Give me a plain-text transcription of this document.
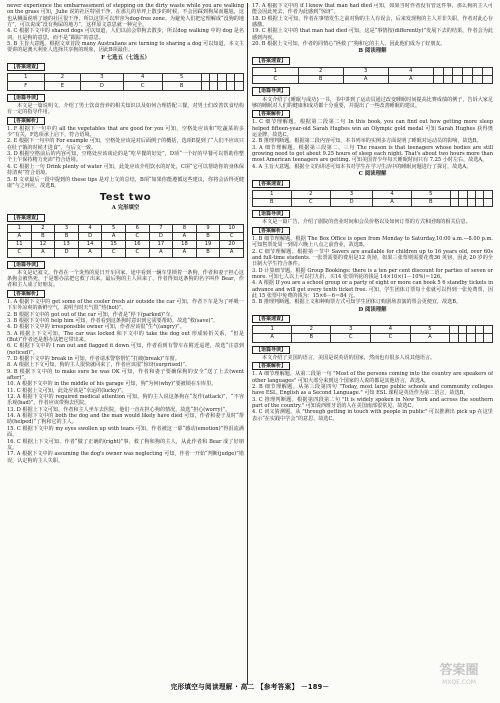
never experience the embarrassment of stepping on the dirty waste while you are walking on the grass 可知，Julie 说的社区特别干净，在那儿的草坪上散步的时候，不会因踩到狗屎而尴尬，这也从侧面说明了她的社区很干净，所以这里可以形容为dog-free zone。为避免人们把它理解成“没狗的地方”，可以说成“没有狗屎的地方”，这样原文意思就一种完全。

4. C 根据下文中的 shared dogs 可以知道，人们以前会带狗去散步，所以dog walking 中的 dog 是名词，且是狗的意思，而不是“跟踪”的意思。

5. B 主旨大意题。根据文章首段 many Australians are turning to sharing a dog 可以知道，本文主要讲的是澳大利亚人选择共享狗的现象，因此B项最佳。

F 七选五（七选五）
【答案速查】
1	2	3	4	5					
F	E	D	C	B					
【语篇导读】

本文是一篇说明文，介绍了男士饮食营养的相关知识以及如何合理搭配三餐，对男士们改善饮食结构有一定的指导作用。

【答案解析】

1. F 根据下一句中的 all the vegetables that are good for you 可知，空格处应该和“吃蔬菜的多少”有关，F选项承上启下，符合语境。

2. E 根据下一句中的 For example 可知，空格处应该是对后面例子的概括，选项E提到了“人们不应该只在肚子饿的时候才进食”，与后文一致。

3. D 根据空格前后的内容可知，空格处应该谈论的是“吃早餐的好处”，D项“一个好的早餐可以帮助你整个上午保持精力充沛”符合语境。

4. C 根据上一句 Drink plenty of water 可知，此处应该介绍饮水的好处，C项“它可以帮助你的身体保持清爽”符合语境。

5. B 文章最后一段中提到的 these tips 是对上文的总结，B项“如果你能遵循这些建议，你将会活得更健康”与之呼应，故选B。

Test two
A 完形填空
【答案速查】
1	2	3	4	5	6	7	8	9	10
A	B	B	D	A	C	D	A	B	C
11	12	13	14	15	16	17	18	19	20
C	A	D	A	C	C	A	A	B	A
【语篇导读】

本文是记叙文。作者在一个炎热的夏日开车回家，途中看到一辆车里锁着一条狗，作者和妻子担心这条狗会被热死，于是想办法把它救了出来。最后狗的主人回来了，作者得知这条狗的名字叫作 Bear，作者和主人成了好朋友。

【答案解析】

1. A 根据下文中的 get some of the cooler fresh air outside the car 可知，作者下车是为了呼吸一下车外凉爽的新鲜空气，说明当时天气很“热(hot)”。

2. B 根据下文中的 got out of the car 可知，作者是“停下(parked)”车。

3. B 根据下文中的 help him 可知，作者看到这条狗时意识到它需要帮助，故选“救(save)”。

4. D 根据下文中的 irresponsible owner 可知，作者应该很“生气(angry)”。

5. A 根据上下文可知，The car was locked 和下文中的 take the dog out 形成转折关系，“但是(But)”作者还是想办法把它带出来。

6. C 根据下文中的 I ran out and flagged it down 可知，作者看到有警车在附近巡逻，故选“注意到(noticed)”。

7. D 根据下文中的 break in 可知，作者请求警察帮忙“打破(break)”车窗。

8. A 根据上下文可知，狗的主人很快就回来了，作者应该很“惊讶(surprised)”。

9. B 根据下文中的 to make sure he was OK 可知，作者和妻子要确保狗的安全“送了上去(went after)”。

10. A 根据下文中的 in the middle of his garage 可知，狗“为何(why)”要被锁在车库里。

11. C 根据上文可知，此处应该是“幸运的(lucky)”。

12. A 根据下文中的 required medical attention 可知，狗的主人说这条狗在“发作(attack)”，“不容乐观(bad)”，作者应该带狗去医院。

13. D 根据上下文可知，作者和主人坐车去医院，他们一直在担心狗的情况，故选“担心(worry)”。

14. A 根据下文中的 both the dog and the man would likely have died 可知，作者和妻子及时“帮助(helped)”了狗和它的主人。

15. C 根据下文中的 my eyes swollen up with tears 可知，作者被这一幕“感动(emotion)”得泪流满面。

16. C 根据上下文可知，作者“做了正确的(right)”事，救了狗和狗的主人，从此作者和 Bear 成了好朋友。

17. A 根据下文中的 assuming the dog's owner was neglecting 可知，作者一开始“判断(judge)”错误，认定狗的主人失职。

17. A 根据下文中的 if I knew that man had died 可知，如果当时作者没有管这件事，那么狗的主人可能会因此死去，作者为此感到“惊讶”。

18. D 根据上文可知，作者在事情发生之前对狗的主人有误会，后来发现狗的主人并非失职，作者对此心存感激。

19. C 根据上文中的 that man had died 可知，这是“事情按(differently)”发展下去的结果，作者会为此感到内疚。

20. B 根据上文可知，作者的同情心“拯救了”狗和它的主人，因此他们成为了好朋友。

B 阅读理解
【答案速查】
1	2	3	4						
C	B	A	A						
【语篇导读】

本文介绍了{睡眠与成功}一书，书中讲到了运动员通过改变睡眠时间提高比赛成绩的例子，告诉大家足够的睡眠对人们的健康和成功都十分重要，并提出了一些改善睡眠的建议。

【答案解析】

1. C 细节理解题。根据第二段第二句 In this book, you can find out how getting more sleep helped fifteen-year-old Sarah Hughes win an Olympic gold medal 可知 Sarah Hughes 获得奥运金牌，故选C。

2. B 推理判断题。根据第二段内容可知，本书列举的实例多方面说明了睡眠对运动员的影响，故选B。

3. A 细节理解题。根据第三段第二、三句 The reason is that teenagers whose bodies are still growing need to get about 9.25 hours of sleep each night. That's about two hours more than most American teenagers are getting. 可知美国青少年每天睡眠时间只有 7.25 小时左右，故选A。

4. A 主旨大意题。根据全文的讲述可知本书对学生在学习生活中的睡眠问题进行了探讨，故选A。

C 阅读理解
【答案速查】
1	2	3	4	5					
B	C	D	A	B					
【语篇导读】

本文是一篇广告，介绍了剧院的营业时间和会员价格以及如何订票的方式和团购的相关信息。

【答案解析】

1. B 细节理解题。根据 The Box Office is open from Monday to Saturday,10:00 a.m.—8.00 p.m. 可知售票处周一到周六晚上八点之前营业，故选B。

2. C 细节理解题。根据第一节中 Savers are available for children up to 16 years old, over 60s and full-time students. 一张票需要的费用是12 英镑，如果三张票则需要花费36 英镑，因此 20 岁的全日制大学生符合条件。

3. D 计算细节题。根据 Group Bookings: there is a ten per cent discount for parties of seven or more. 可知七人以上可以打九折，买14 张票所花的钱是 14×10×(1－10%)＝126。

4. A 根据 If you are a school group or a party of eight or more can book 5 6 standby tickets in advance and will get every tenth ticket free. 可知，学生团体订票每十张就可以得到一张免费票，因此 15 张票中免费的钱为：15×6－6＝84 元。

5. B 推理判断题。根据上文和种购票方式可知学生团体订购剧场表演的票会更便宜，故选B。

D 阅读理解
【答案速查】
1	2	3	4	5					
A	B	C	C	A					
【语篇导读】

本文介绍了美国的语言，美国是说英语的国家，然而也有很多人说其他语言。

【答案解析】

1. A 细节理解题。从第二段第一句 "Most of the persons coming into the country are speakers of other languages" 可知大部分来到这个国家的人说的都是其他语言，故选A。

2. B 细节理解题。从第三段第四句 "Today, most large public schools and community colleges have ESL, English as a Second Language." 可知 ESL 课程是英语作为第二语言，故选B。

3. C 推理判断题。根据第四段第二句 "It is widely spoken in New York and across the southern part of the country." 可知说西班牙语的人在美国南部很常见，故选C。

4. C 词义猜测题。从 "through getting in touch with people in public" 可以推测出 pick up 在这里表示“在实践中学会”的意思，故选C。

完形填空与阅读理解 · 高二 【参考答案】 －189－
答案圈
MXQE.COM
